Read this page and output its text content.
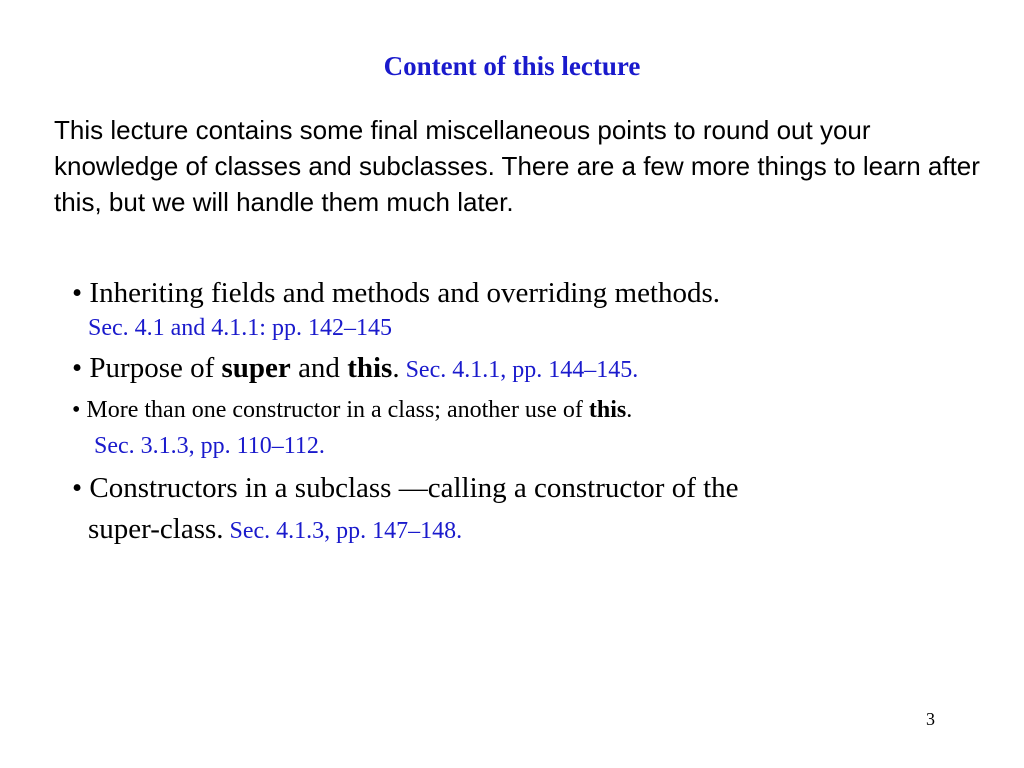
Content of this lecture
This lecture contains some final miscellaneous points to round out your knowledge of classes and subclasses. There are a few more things to learn after this, but we will handle them much later.
• Inheriting fields and methods and overriding methods.
Sec. 4.1 and 4.1.1: pp. 142–145
• Purpose of super and this. Sec. 4.1.1, pp. 144–145.
• More than one constructor in a class; another use of this.
Sec. 3.1.3, pp. 110–112.
• Constructors in a subclass —calling a constructor of the
super-class. Sec. 4.1.3, pp. 147–148.
3
